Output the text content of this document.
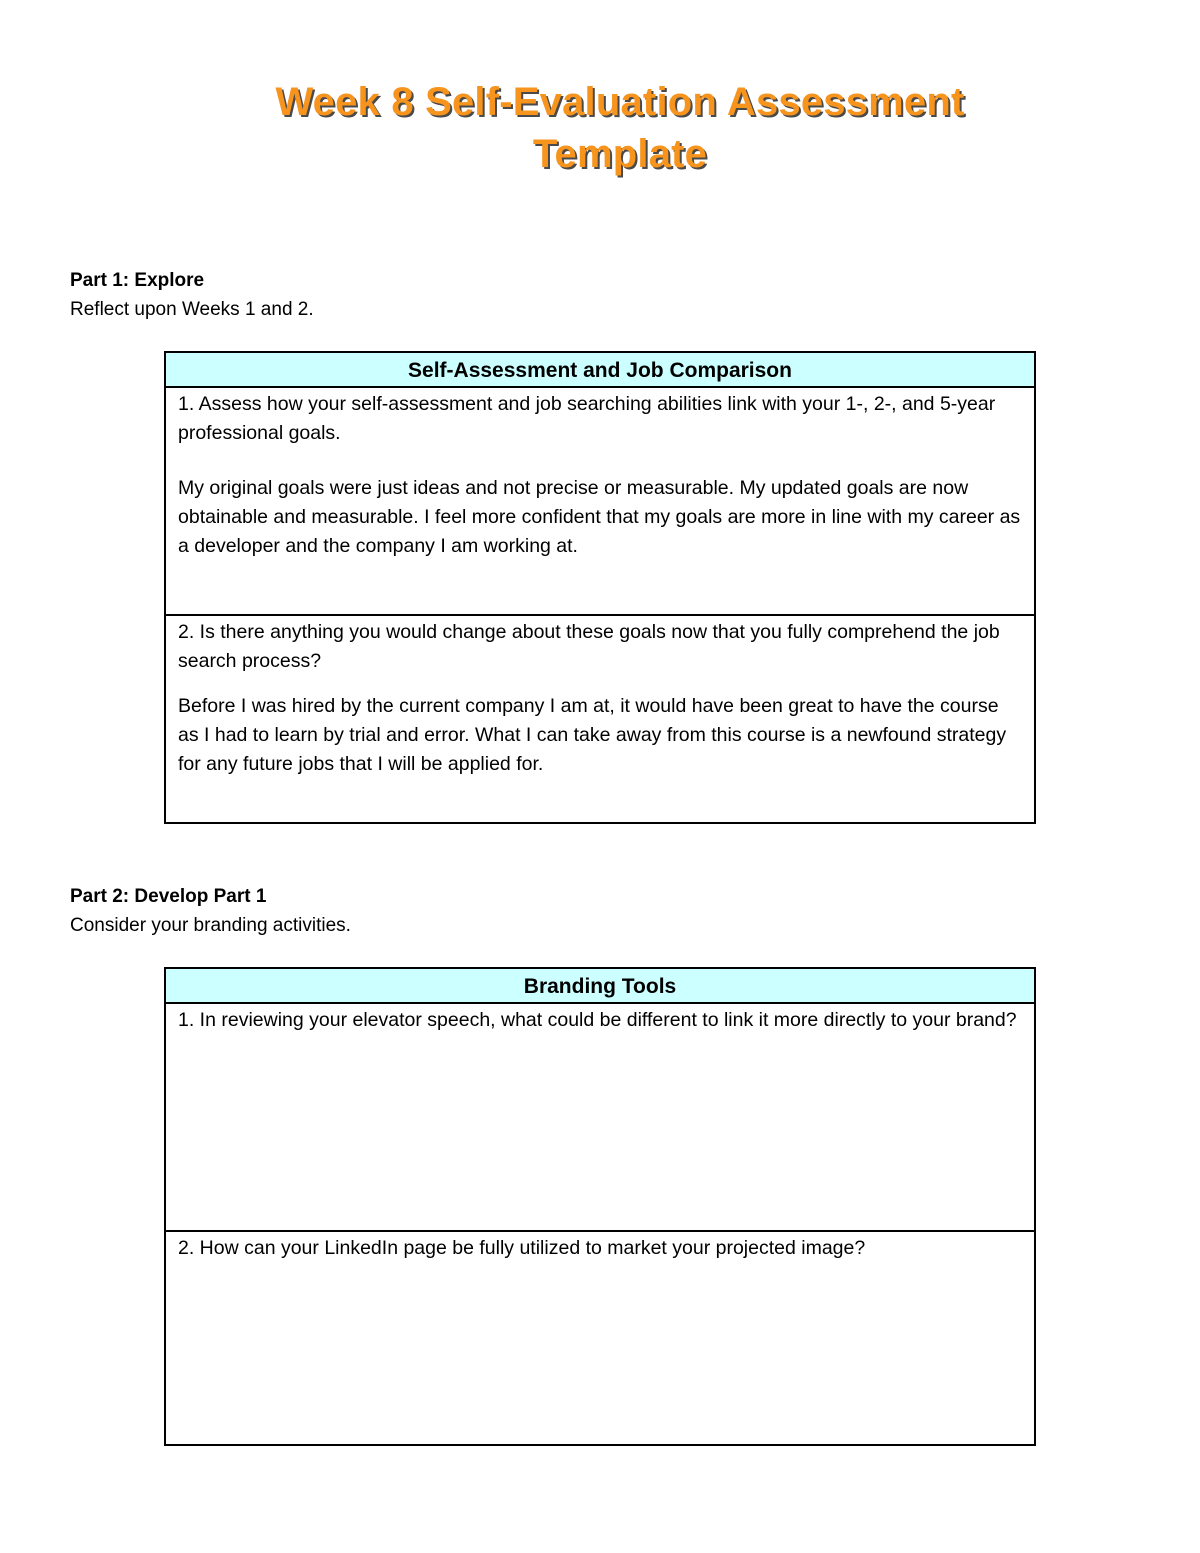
Week 8 Self-Evaluation Assessment
Template
Part 1: Explore
Reflect upon Weeks 1 and 2.
Self-Assessment and Job Comparison

1. Assess how your self-assessment and job searching abilities link with your 1-, 2-, and 5-year professional goals.

My original goals were just ideas and not precise or measurable. My updated goals are now obtainable and measurable. I feel more confident that my goals are more in line with my career as a developer and the company I am working at.

2. Is there anything you would change about these goals now that you fully comprehend the job search process?

Before I was hired by the current company I am at, it would have been great to have the course as I had to learn by trial and error. What I can take away from this course is a newfound strategy for any future jobs that I will be applied for.

Part 2: Develop Part 1
Consider your branding activities.
Branding Tools

1. In reviewing your elevator speech, what could be different to link it more directly to your brand?

2. How can your LinkedIn page be fully utilized to market your projected image?
